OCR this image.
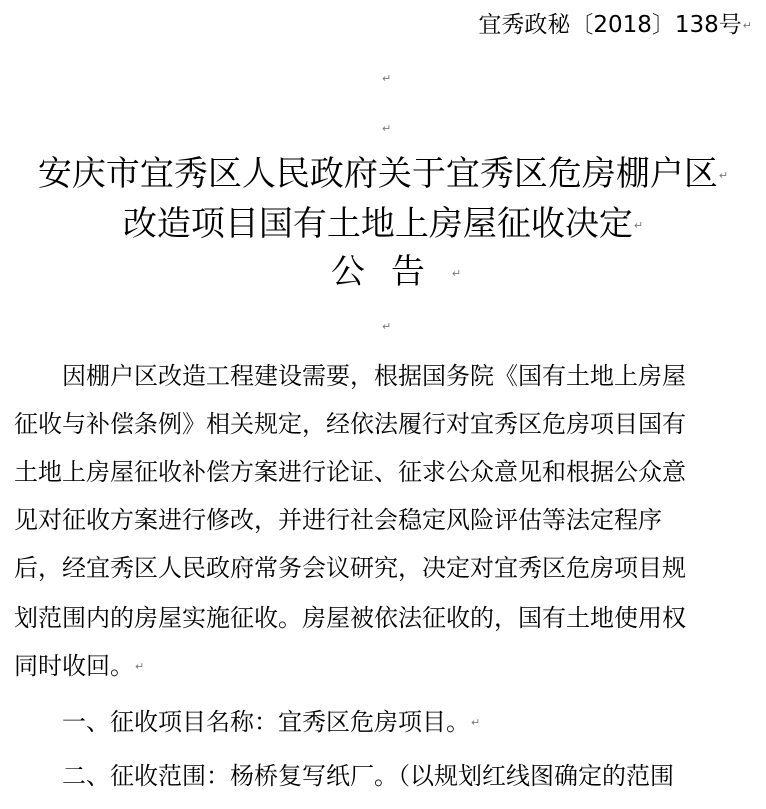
宜秀政秘〔2018〕138号↵
↵
↵
安庆市宜秀区人民政府关于宜秀区危房棚户区↵
改造项目国有土地上房屋征收决定↵
公告↵
↵
　　因棚户区改造工程建设需要，根据国务院《国有土地上房屋
征收与补偿条例》相关规定，经依法履行对宜秀区危房项目国有
土地上房屋征收补偿方案进行论证、征求公众意见和根据公众意
见对征收方案进行修改，并进行社会稳定风险评估等法定程序
后，经宜秀区人民政府常务会议研究，决定对宜秀区危房项目规
划范围内的房屋实施征收。房屋被依法征收的，国有土地使用权
同时收回。↵
　　一、征收项目名称：宜秀区危房项目。↵
　　二、征收范围：杨桥复写纸厂。（以规划红线图确定的范围
